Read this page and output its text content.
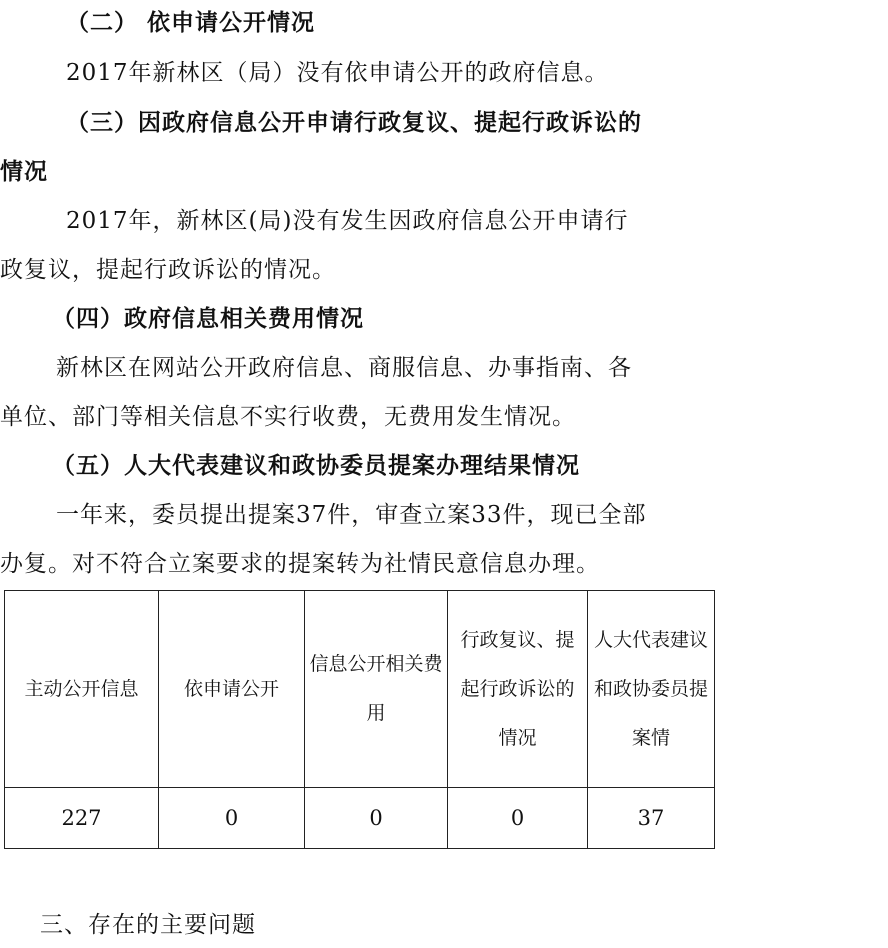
（二） 依申请公开情况
2017年新林区（局）没有依申请公开的政府信息。
（三）因政府信息公开申请行政复议、提起行政诉讼的
情况
2017年，新林区(局)没有发生因政府信息公开申请行
政复议，提起行政诉讼的情况。
（四）政府信息相关费用情况
新林区在网站公开政府信息、商服信息、办事指南、各
单位、部门等相关信息不实行收费，无费用发生情况。
（五）人大代表建议和政协委员提案办理结果情况
一年来，委员提出提案37件，审查立案33件，现已全部
办复。对不符合立案要求的提案转为社情民意信息办理。
主动公开信息	依申请公开	信息公开相关费用	行政复议、提起行政诉讼的情况	人大代表建议和政协委员提案情

227	0	0	0	37
三、存在的主要问题
